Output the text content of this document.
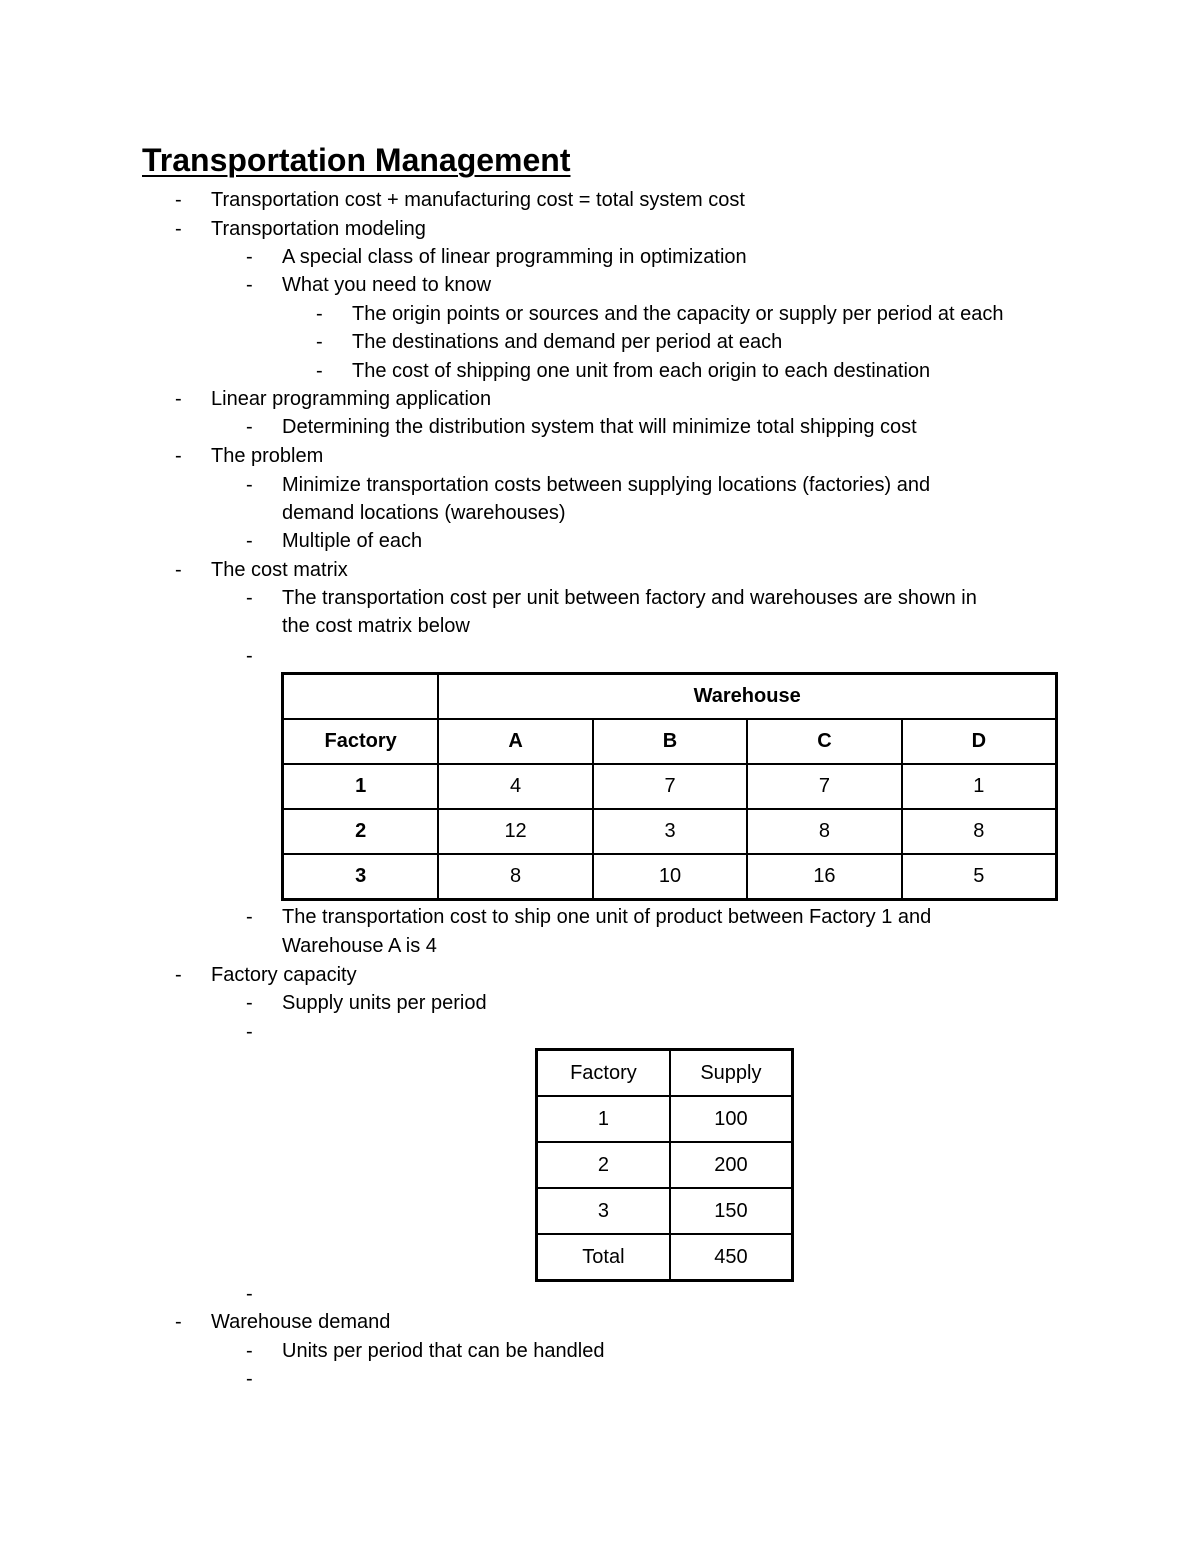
Transportation Management
- Transportation cost + manufacturing cost = total system cost
- Transportation modeling
- A special class of linear programming in optimization
- What you need to know
- The origin points or sources and the capacity or supply per period at each
- The destinations and demand per period at each
- The cost of shipping one unit from each origin to each destination
- Linear programming application
- Determining the distribution system that will minimize total shipping cost
- The problem
- Minimize transportation costs between supplying locations (factories) and
demand locations (warehouses)
- Multiple of each
- The cost matrix
- The transportation cost per unit between factory and warehouses are shown in
the cost matrix below
-
	Warehouse			
Factory	A	B	C	D
1	4	7	7	1
2	12	3	8	8
3	8	10	16	5
- The transportation cost to ship one unit of product between Factory 1 and
Warehouse A is 4
- Factory capacity
- Supply units per period
-
Factory	Supply
1	100
2	200
3	150
Total	450
-
- Warehouse demand
- Units per period that can be handled
-
